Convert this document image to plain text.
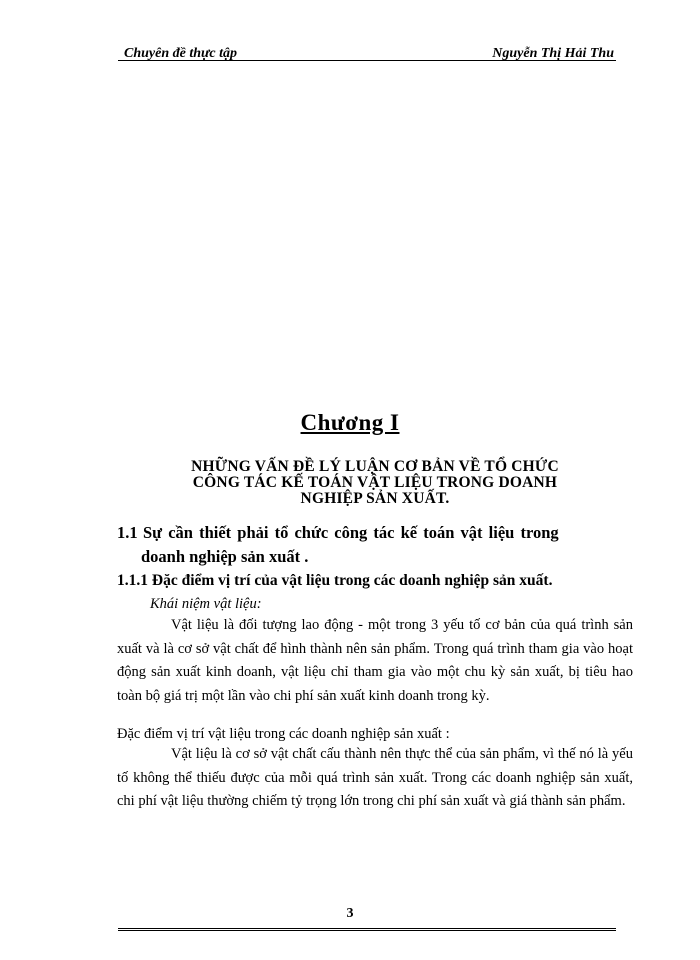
Chuyên đề thực tập	Nguyễn Thị Hải Thu
Chương I
NHỮNG VẤN ĐỀ LÝ LUẬN CƠ BẢN VỀ TỔ CHỨC
CÔNG TÁC KẾ TOÁN VẬT LIỆU TRONG DOANH
NGHIỆP SẢN XUẤT.
1.1 Sự cần thiết phải tổ chức công tác kế toán vật liệu trong
doanh nghiệp sản xuất .
1.1.1 Đặc điểm vị trí của vật liệu trong các doanh nghiệp sản xuất.
Khái niệm vật liệu:
Vật liệu là đối tượng lao động - một trong 3 yếu tố cơ bản của quá trình sản xuất và là cơ sở vật chất để hình thành nên sản phẩm. Trong quá trình tham gia vào hoạt động sản xuất kinh doanh, vật liệu chỉ tham gia vào một chu kỳ sản xuất, bị tiêu hao toàn bộ giá trị một lần vào chi phí sản xuất kinh doanh trong kỳ.
Đặc điểm vị trí vật liệu trong các doanh nghiệp sản xuất :
Vật liệu là cơ sở vật chất cấu thành nên thực thể của sản phẩm, vì thế nó là yếu tố không thể thiếu được của mỗi quá trình sản xuất. Trong các doanh nghiệp sản xuất, chi phí vật liệu thường chiếm tỷ trọng lớn trong chi phí sản xuất và giá thành sản phẩm.
3
